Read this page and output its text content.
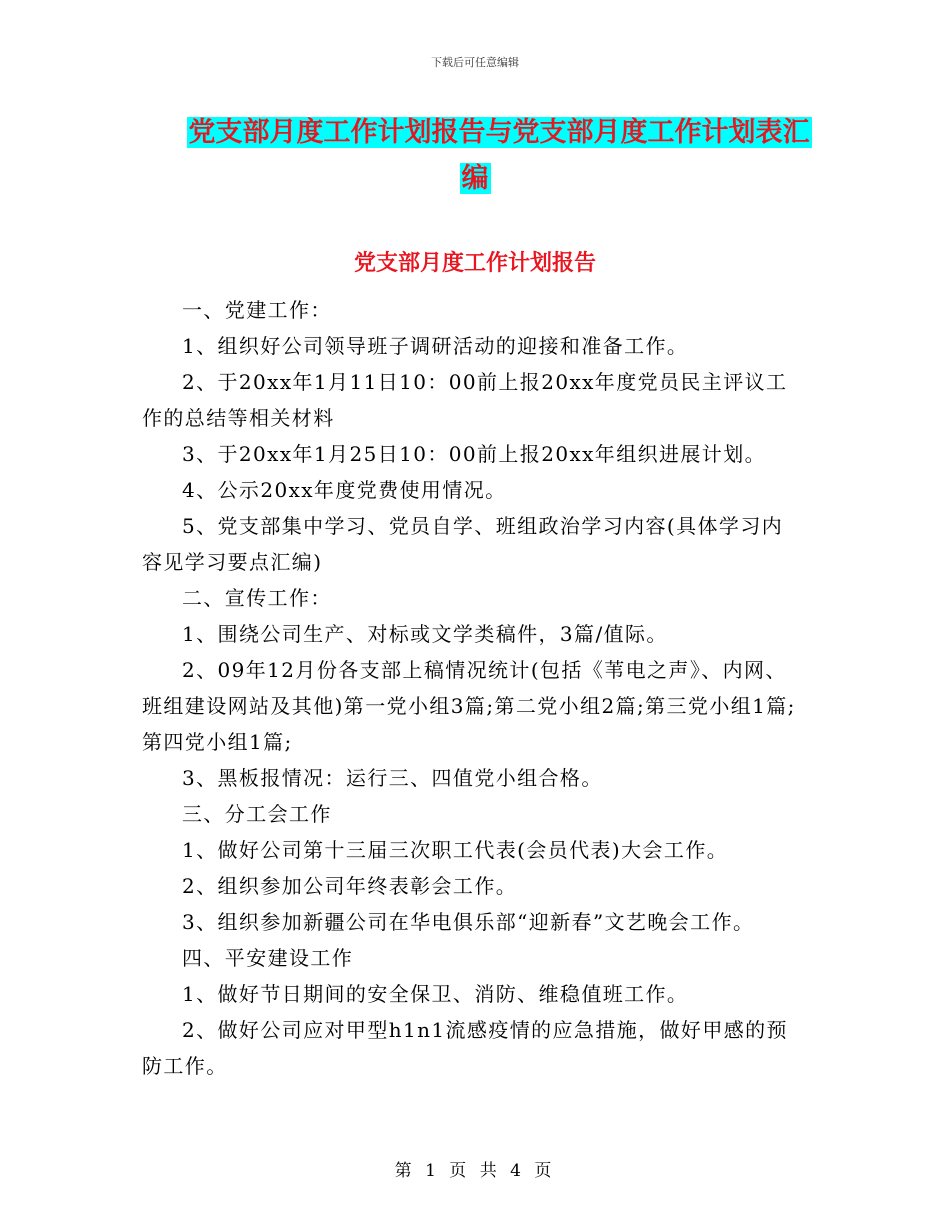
下载后可任意编辑
党支部月度工作计划报告与党支部月度工作计划表汇
编
党支部月度工作计划报告

一、党建工作：

1、组织好公司领导班子调研活动的迎接和准备工作。

2、于20xx年1月11日10：00前上报20xx年度党员民主评议工作的总结等相关材料

3、于20xx年1月25日10：00前上报20xx年组织进展计划。

4、公示20xx年度党费使用情况。

5、党支部集中学习、党员自学、班组政治学习内容(具体学习内容见学习要点汇编)

二、宣传工作：

1、围绕公司生产、对标或文学类稿件，3篇/值际。

2、09年12月份各支部上稿情况统计(包括《苇电之声》、内网、班组建设网站及其他)第一党小组3篇;第二党小组2篇;第三党小组1篇;第四党小组1篇;

3、黑板报情况：运行三、四值党小组合格。

三、分工会工作

1、做好公司第十三届三次职工代表(会员代表)大会工作。

2、组织参加公司年终表彰会工作。

3、组织参加新疆公司在华电俱乐部“迎新春”文艺晚会工作。

四、平安建设工作

1、做好节日期间的安全保卫、消防、维稳值班工作。

2、做好公司应对甲型h1n1流感疫情的应急措施，做好甲感的预防工作。

第 1 页 共 4 页
